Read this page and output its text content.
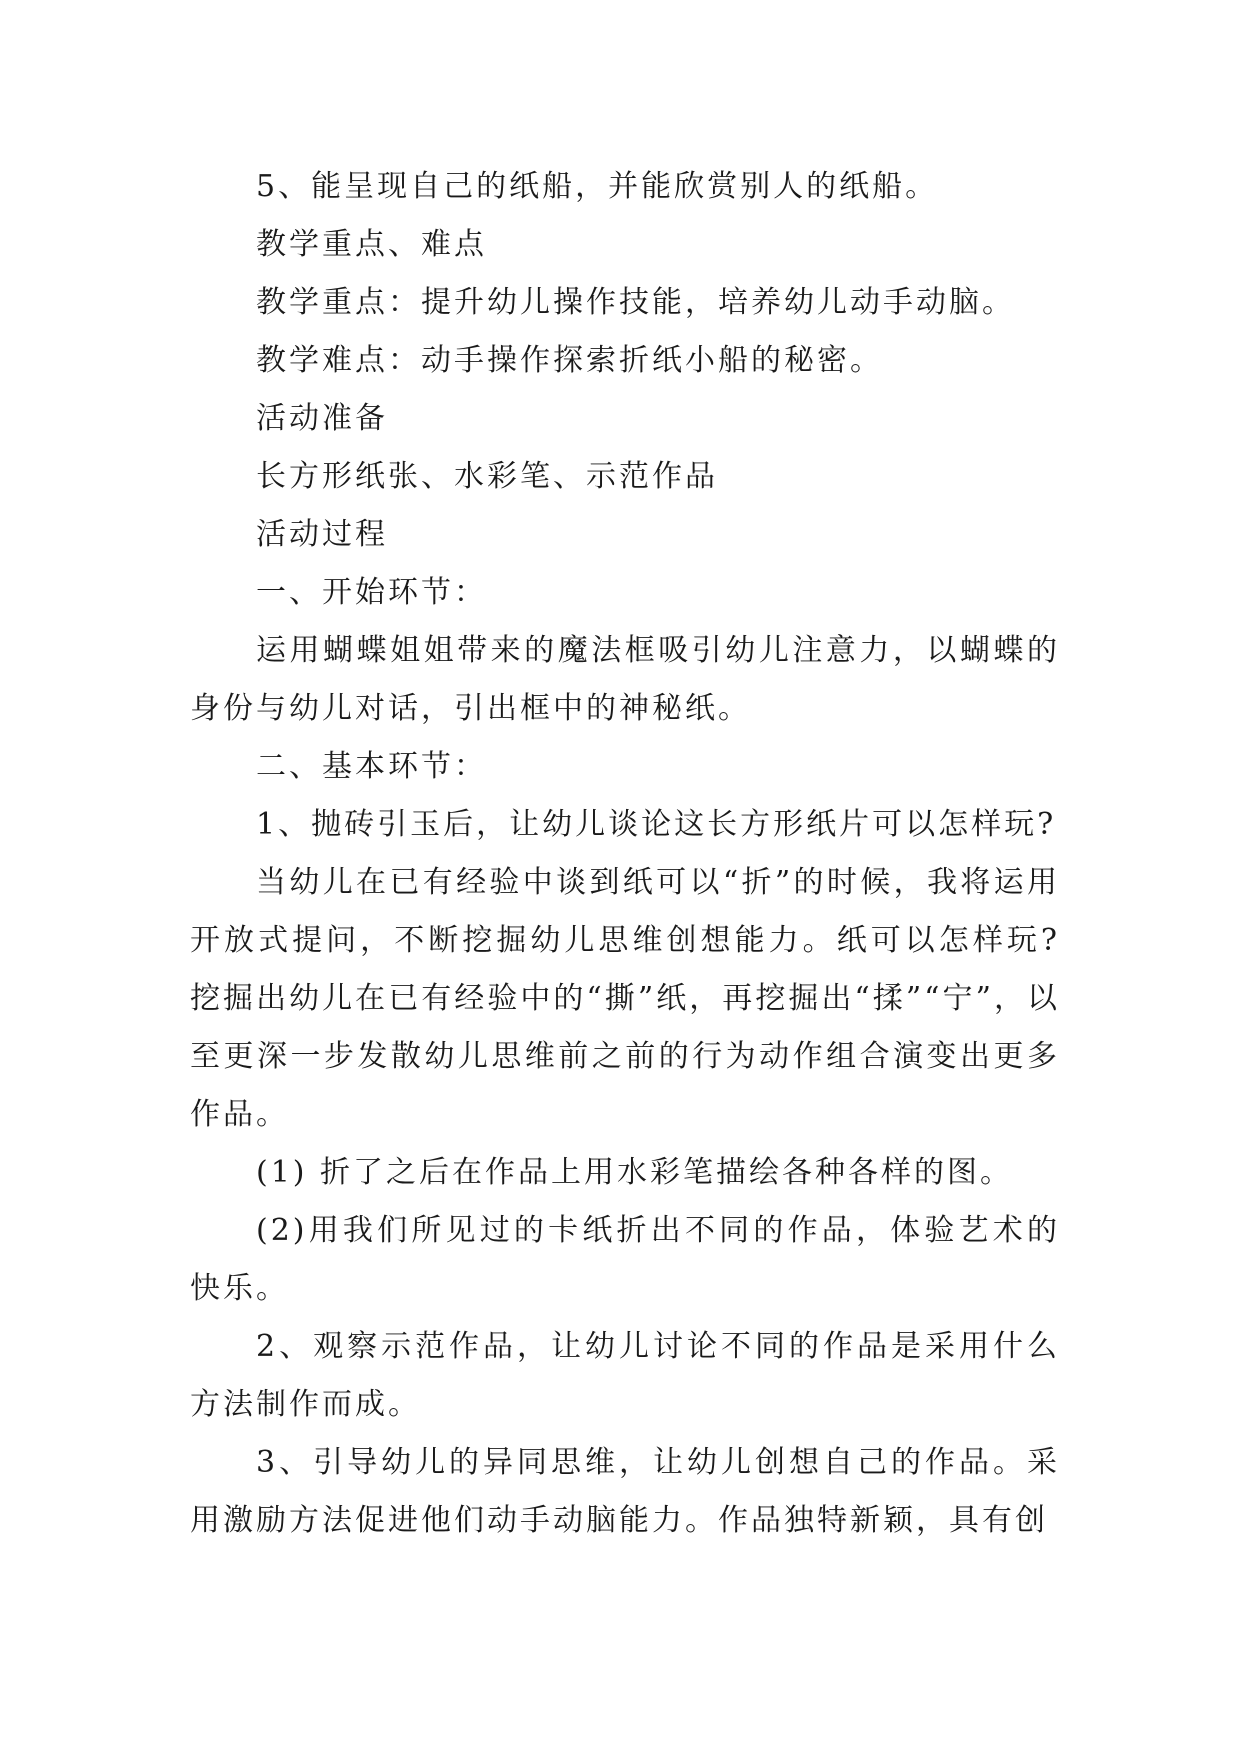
5、能呈现自己的纸船，并能欣赏别人的纸船。

教学重点、难点

教学重点：提升幼儿操作技能，培养幼儿动手动脑。

教学难点：动手操作探索折纸小船的秘密。

活动准备

长方形纸张、水彩笔、示范作品

活动过程

一、开始环节：

运用蝴蝶姐姐带来的魔法框吸引幼儿注意力，以蝴蝶的身份与幼儿对话，引出框中的神秘纸。

二、基本环节：

1、抛砖引玉后，让幼儿谈论这长方形纸片可以怎样玩?

当幼儿在已有经验中谈到纸可以“折”的时候，我将运用开放式提问，不断挖掘幼儿思维创想能力。纸可以怎样玩?挖掘出幼儿在已有经验中的“撕”纸，再挖掘出“揉”“宁”，以至更深一步发散幼儿思维前之前的行为动作组合演变出更多作品。

(1) 折了之后在作品上用水彩笔描绘各种各样的图。

(2)用我们所见过的卡纸折出不同的作品，体验艺术的快乐。

2、观察示范作品，让幼儿讨论不同的作品是采用什么方法制作而成。

3、引导幼儿的异同思维，让幼儿创想自己的作品。采用激励方法促进他们动手动脑能力。作品独特新颖，具有创
